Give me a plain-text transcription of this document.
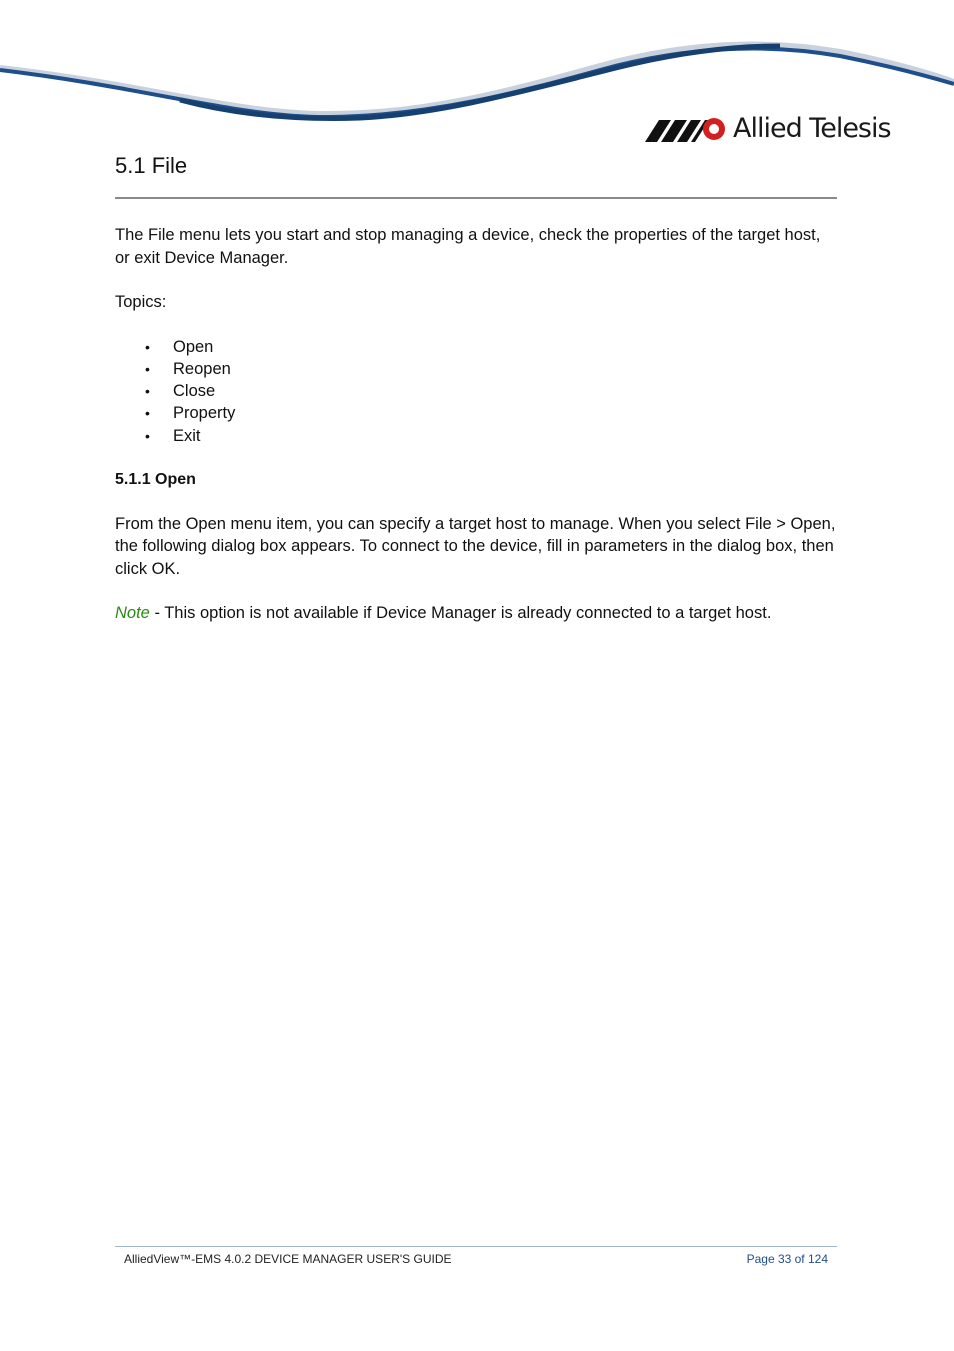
Allied Telesis
5.1 File

The File menu lets you start and stop managing a device, check the properties of the target host, or exit Device Manager.

Topics:

•	Open
•	Reopen
•	Close
•	Property
•	Exit
5.1.1 Open

From the Open menu item, you can specify a target host to manage. When you select File > Open, the following dialog box appears. To connect to the device, fill in parameters in the dialog box, then click OK.

Note - This option is not available if Device Manager is already connected to a target host.

AlliedView™-EMS 4.0.2 DEVICE MANAGER USER'S GUIDE	Page 33 of 124
